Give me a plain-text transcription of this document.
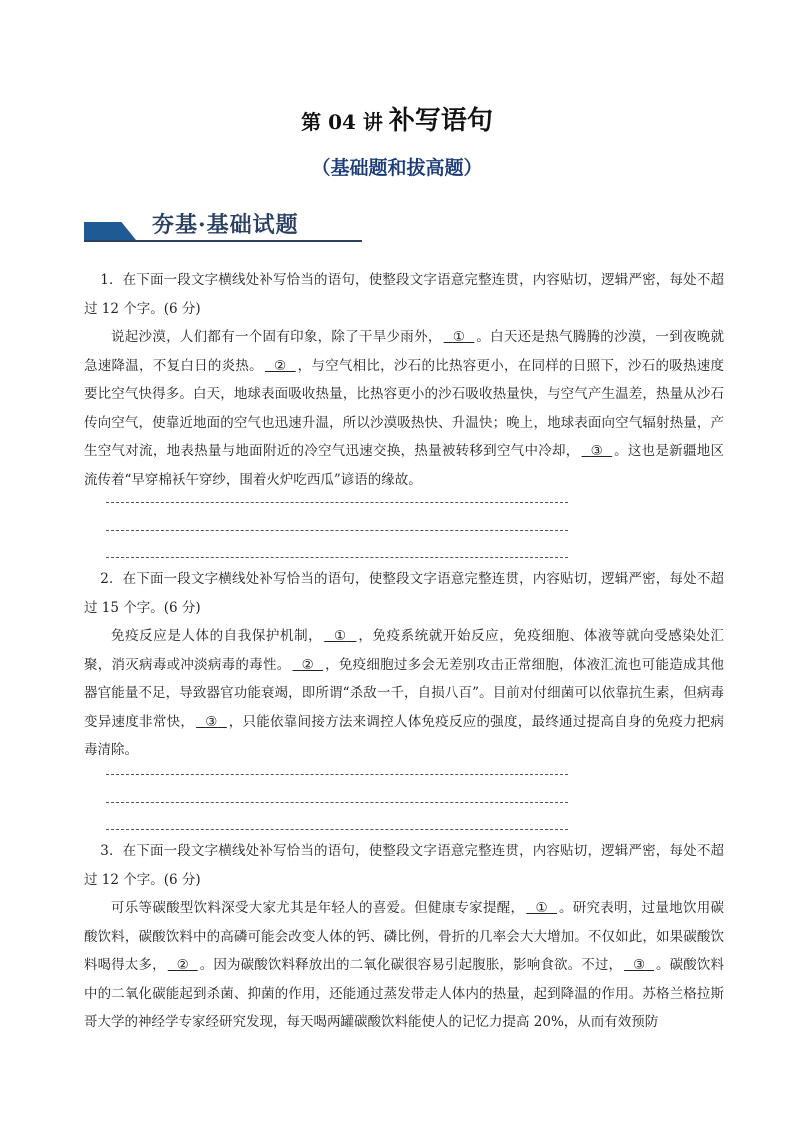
第 04 讲 补写语句
（基础题和拔高题）
夯基·基础试题

1．在下面一段文字横线处补写恰当的语句，使整段文字语意完整连贯，内容贴切，逻辑严密，每处不超过 12 个字。(6 分)

说起沙漠，人们都有一个固有印象，除了干旱少雨外， ① 。白天还是热气腾腾的沙漠，一到夜晚就急速降温，不复白日的炎热。 ② ，与空气相比，沙石的比热容更小，在同样的日照下，沙石的吸热速度要比空气快得多。白天，地球表面吸收热量，比热容更小的沙石吸收热量快，与空气产生温差，热量从沙石传向空气，使靠近地面的空气也迅速升温，所以沙漠吸热快、升温快；晚上，地球表面向空气辐射热量，产生空气对流，地表热量与地面附近的冷空气迅速交换，热量被转移到空气中冷却， ③ 。这也是新疆地区流传着“早穿棉袄午穿纱，围着火炉吃西瓜”谚语的缘故。

2．在下面一段文字横线处补写恰当的语句，使整段文字语意完整连贯，内容贴切，逻辑严密，每处不超过 15 个字。(6 分)

免疫反应是人体的自我保护机制， ① ，免疫系统就开始反应，免疫细胞、体液等就向受感染处汇聚，消灭病毒或冲淡病毒的毒性。 ② ，免疫细胞过多会无差别攻击正常细胞，体液汇流也可能造成其他器官能量不足，导致器官功能衰竭，即所谓“杀敌一千，自损八百”。目前对付细菌可以依靠抗生素，但病毒变异速度非常快， ③ ，只能依靠间接方法来调控人体免疫反应的强度，最终通过提高自身的免疫力把病毒清除。

3．在下面一段文字横线处补写恰当的语句，使整段文字语意完整连贯，内容贴切，逻辑严密，每处不超过 12 个字。(6 分)

可乐等碳酸型饮料深受大家尤其是年轻人的喜爱。但健康专家提醒， ① 。研究表明，过量地饮用碳酸饮料，碳酸饮料中的高磷可能会改变人体的钙、磷比例，骨折的几率会大大增加。不仅如此，如果碳酸饮料喝得太多， ② 。因为碳酸饮料释放出的二氧化碳很容易引起腹胀，影响食欲。不过， ③ 。碳酸饮料中的二氧化碳能起到杀菌、抑菌的作用，还能通过蒸发带走人体内的热量，起到降温的作用。苏格兰格拉斯哥大学的神经学专家经研究发现，每天喝两罐碳酸饮料能使人的记忆力提高 20%，从而有效预防
